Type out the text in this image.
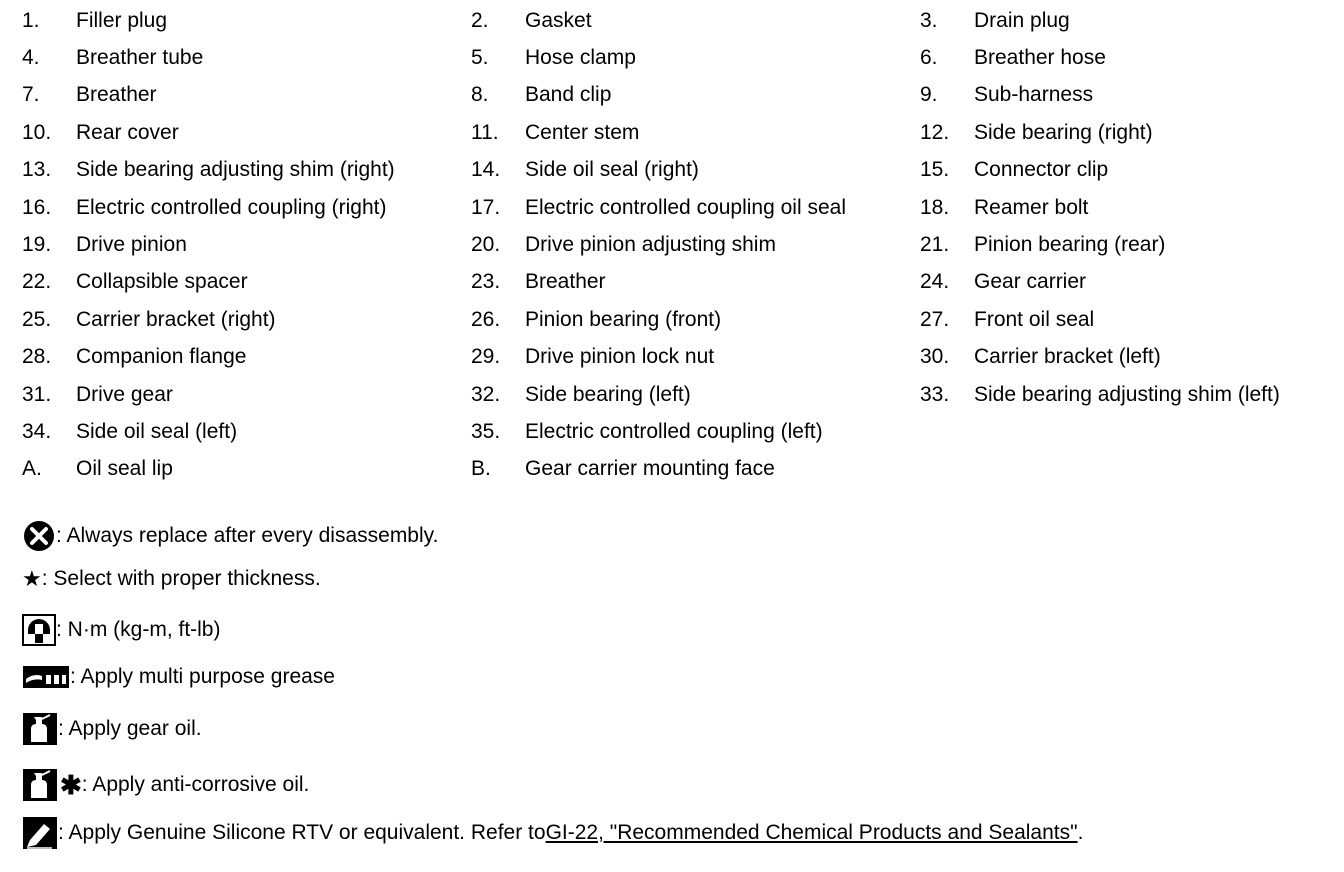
1.	Filler plug	2.	Gasket	3.	Drain plug
4.	Breather tube	5.	Hose clamp	6.	Breather hose
7.	Breather	8.	Band clip	9.	Sub-harness
10.	Rear cover	11.	Center stem	12.	Side bearing (right)
13.	Side bearing adjusting shim (right)	14.	Side oil seal (right)	15.	Connector clip
16.	Electric controlled coupling (right)	17.	Electric controlled coupling oil seal	18.	Reamer bolt
19.	Drive pinion	20.	Drive pinion adjusting shim	21.	Pinion bearing (rear)
22.	Collapsible spacer	23.	Breather	24.	Gear carrier
25.	Carrier bracket (right)	26.	Pinion bearing (front)	27.	Front oil seal
28.	Companion flange	29.	Drive pinion lock nut	30.	Carrier bracket (left)
31.	Drive gear	32.	Side bearing (left)	33.	Side bearing adjusting shim (left)
34.	Side oil seal (left)	35.	Electric controlled coupling (left)
A.	Oil seal lip	B.	Gear carrier mounting face
: Always replace after every disassembly.
★ : Select with proper thickness.
: N·m (kg-m, ft-lb)
: Apply multi purpose grease
: Apply gear oil.
✱ : Apply anti-corrosive oil.
: Apply Genuine Silicone RTV or equivalent. Refer to GI-22, "Recommended Chemical Products and Sealants" .
